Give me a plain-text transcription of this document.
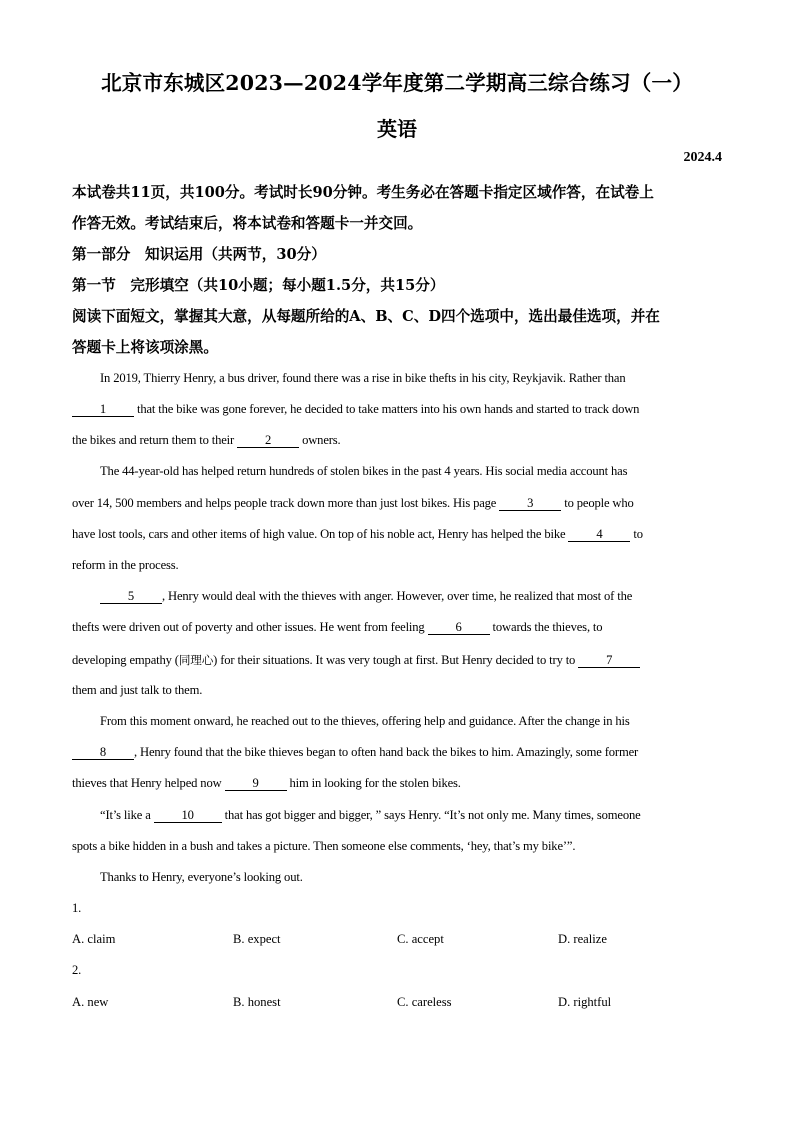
北京市东城区2023—2024学年度第二学期高三综合练习（一）
英语
2024.4
本试卷共11页，共100分。考试时长90分钟。考生务必在答题卡指定区域作答，在试卷上
作答无效。考试结束后，将本试卷和答题卡一并交回。
第一部分　知识运用（共两节，30分）
第一节　完形填空（共10小题；每小题1.5分，共15分）
阅读下面短文，掌握其大意，从每题所给的A、B、C、D四个选项中，选出最佳选项，并在
答题卡上将该项涂黑。
In 2019, Thierry Henry, a bus driver, found there was a rise in bike thefts in his city, Reykjavik. Rather than
1 that the bike was gone forever, he decided to take matters into his own hands and started to track down
the bikes and return them to their 2 owners.
The 44-year-old has helped return hundreds of stolen bikes in the past 4 years. His social media account has
over 14, 500 members and helps people track down more than just lost bikes. His page 3 to people who
have lost tools, cars and other items of high value. On top of his noble act, Henry has helped the bike 4 to
reform in the process.
5 , Henry would deal with the thieves with anger. However, over time, he realized that most of the
thefts were driven out of poverty and other issues. He went from feeling 6 towards the thieves, to
developing empathy (同理心) for their situations. It was very tough at first. But Henry decided to try to 7
them and just talk to them.
From this moment onward, he reached out to the thieves, offering help and guidance. After the change in his
8 , Henry found that the bike thieves began to often hand back the bikes to him. Amazingly, some former
thieves that Henry helped now 9 him in looking for the stolen bikes.
“It’s like a 10 that has got bigger and bigger, ” says Henry. “It’s not only me. Many times, someone
spots a bike hidden in a bush and takes a picture. Then someone else comments, ‘hey, that’s my bike’”.
Thanks to Henry, everyone’s looking out.
1.
A. claim	B. expect	C. accept	D. realize
2.
A. new	B. honest	C. careless	D. rightful
